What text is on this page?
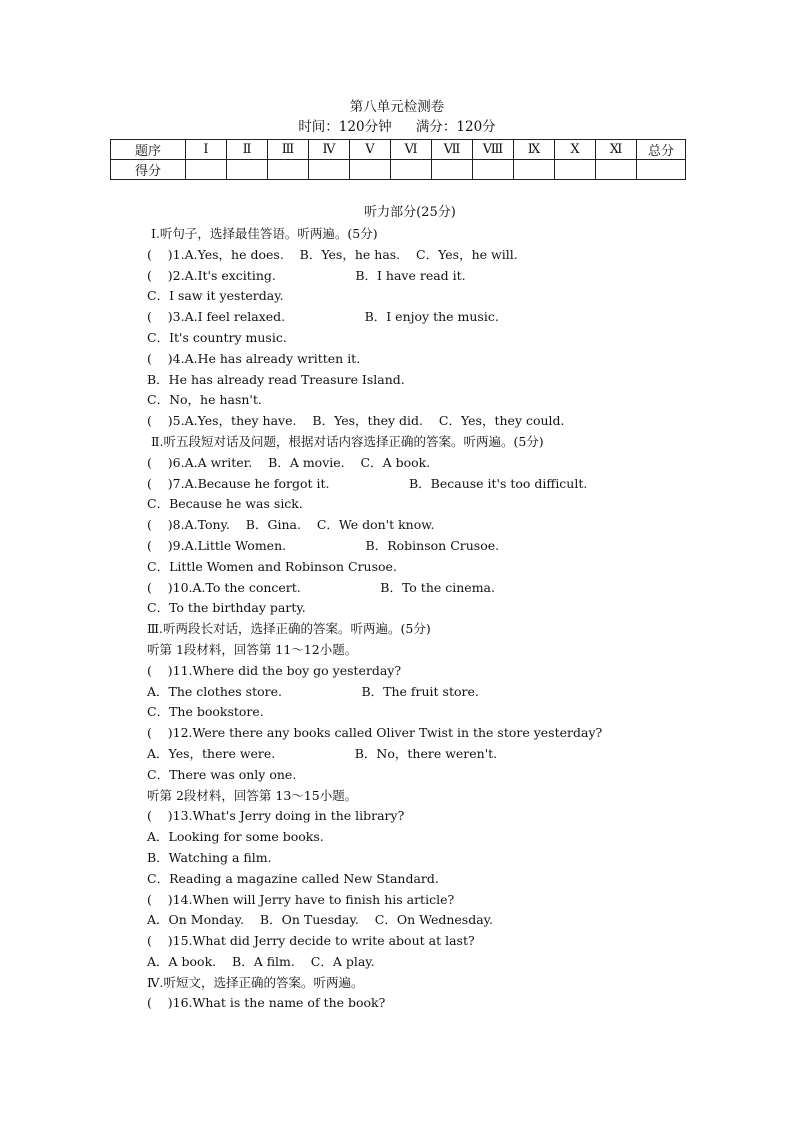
第八单元检测卷
时间：120分钟 满分：120分
题序	Ⅰ	Ⅱ	Ⅲ	Ⅳ	Ⅴ	Ⅵ	Ⅶ	Ⅷ	Ⅸ	Ⅹ	Ⅺ	总分
得分												
听力部分(25分)
Ⅰ.听句子，选择最佳答语。听两遍。(5分)
(    )1.A.Yes，he does.    B．Yes，he has.    C．Yes，he will.
(    )2.A.It's exciting.                    B．I have read it.
C．I saw it yesterday.
(    )3.A.I feel relaxed.                    B．I enjoy the music.
C．It's country music.
(    )4.A.He has already written it.
B．He has already read Treasure Island.
C．No，he hasn't.
(    )5.A.Yes，they have.    B．Yes，they did.    C．Yes，they could.
Ⅱ.听五段短对话及问题，根据对话内容选择正确的答案。听两遍。(5分)
(    )6.A.A writer.    B．A movie.    C．A book.
(    )7.A.Because he forgot it.                    B．Because it's too difficult.
C．Because he was sick.
(    )8.A.Tony.    B．Gina.    C．We don't know.
(    )9.A.Little Women.                    B．Robinson Crusoe.
C．Little Women and Robinson Crusoe.
(    )10.A.To the concert.                    B．To the cinema.
C．To the birthday party.
Ⅲ.听两段长对话，选择正确的答案。听两遍。(5分)
听第 1段材料，回答第 11～12小题。
(    )11.Where did the boy go yesterday?
A．The clothes store.                    B．The fruit store.
C．The bookstore.
(    )12.Were there any books called Oliver Twist in the store yesterday?
A．Yes，there were.                    B．No，there weren't.
C．There was only one.
听第 2段材料，回答第 13～15小题。
(    )13.What's Jerry doing in the library?
A．Looking for some books.
B．Watching a film.
C．Reading a magazine called New Standard.
(    )14.When will Jerry have to finish his article?
A．On Monday.    B．On Tuesday.    C．On Wednesday.
(    )15.What did Jerry decide to write about at last?
A．A book.    B．A film.    C．A play.
Ⅳ.听短文，选择正确的答案。听两遍。
(    )16.What is the name of the book?
